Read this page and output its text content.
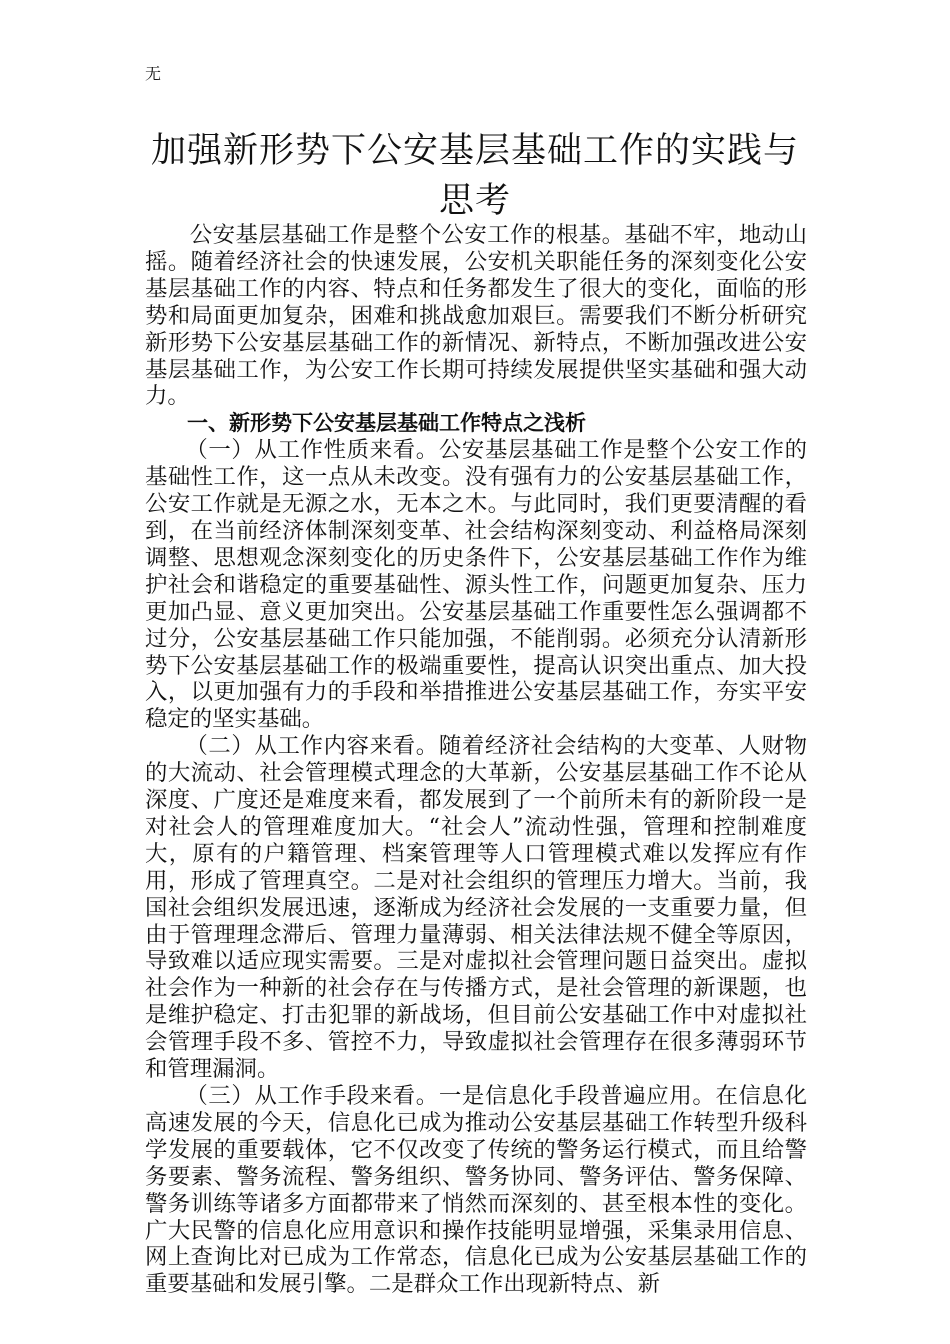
无
加强新形势下公安基层基础工作的实践与思考

公安基层基础工作是整个公安工作的根基。基础不牢，地动山摇。随着经济社会的快速发展，公安机关职能任务的深刻变化公安基层基础工作的内容、特点和任务都发生了很大的变化，面临的形势和局面更加复杂，困难和挑战愈加艰巨。需要我们不断分析研究新形势下公安基层基础工作的新情况、新特点，不断加强改进公安基层基础工作，为公安工作长期可持续发展提供坚实基础和强大动力。

一、新形势下公安基层基础工作特点之浅析

（一）从工作性质来看。公安基层基础工作是整个公安工作的基础性工作，这一点从未改变。没有强有力的公安基层基础工作，公安工作就是无源之水，无本之木。与此同时，我们更要清醒的看到，在当前经济体制深刻变革、社会结构深刻变动、利益格局深刻调整、思想观念深刻变化的历史条件下，公安基层基础工作作为维护社会和谐稳定的重要基础性、源头性工作，问题更加复杂、压力更加凸显、意义更加突出。公安基层基础工作重要性怎么强调都不过分，公安基层基础工作只能加强，不能削弱。必须充分认清新形势下公安基层基础工作的极端重要性，提高认识突出重点、加大投入，以更加强有力的手段和举措推进公安基层基础工作，夯实平安稳定的坚实基础。

（二）从工作内容来看。随着经济社会结构的大变革、人财物的大流动、社会管理模式理念的大革新，公安基层基础工作不论从深度、广度还是难度来看，都发展到了一个前所未有的新阶段一是对社会人的管理难度加大。“社会人”流动性强，管理和控制难度大，原有的户籍管理、档案管理等人口管理模式难以发挥应有作用，形成了管理真空。二是对社会组织的管理压力增大。当前，我国社会组织发展迅速，逐渐成为经济社会发展的一支重要力量，但由于管理理念滞后、管理力量薄弱、相关法律法规不健全等原因，导致难以适应现实需要。三是对虚拟社会管理问题日益突出。虚拟社会作为一种新的社会存在与传播方式，是社会管理的新课题，也是维护稳定、打击犯罪的新战场，但目前公安基础工作中对虚拟社会管理手段不多、管控不力，导致虚拟社会管理存在很多薄弱环节和管理漏洞。

（三）从工作手段来看。一是信息化手段普遍应用。在信息化高速发展的今天，信息化已成为推动公安基层基础工作转型升级科学发展的重要载体，它不仅改变了传统的警务运行模式，而且给警务要素、警务流程、警务组织、警务协同、警务评估、警务保障、警务训练等诸多方面都带来了悄然而深刻的、甚至根本性的变化。广大民警的信息化应用意识和操作技能明显增强，采集录用信息、网上查询比对已成为工作常态，信息化已成为公安基层基础工作的重要基础和发展引擎。二是群众工作出现新特点、新
